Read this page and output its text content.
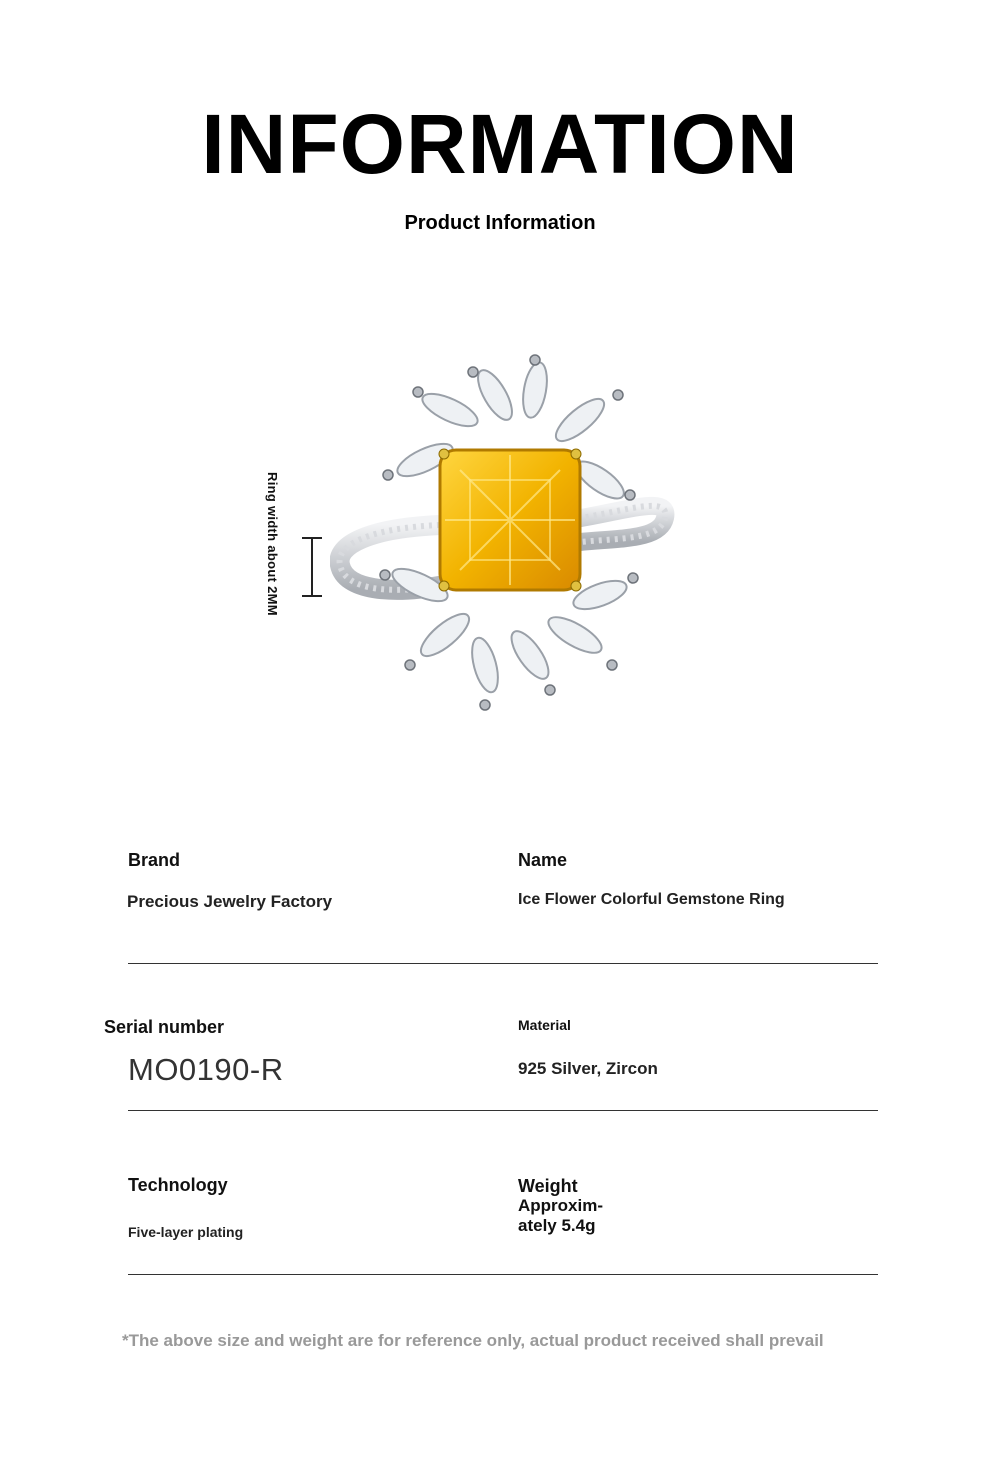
INFORMATION
Product Information
Ring width about 2MM
Brand
Precious Jewelry Factory
Name
Ice Flower Colorful Gemstone Ring
Serial number
MO0190-R
Material
925 Silver, Zircon
Technology
Five-layer plating
Weight
Approxim-
ately 5.4g
*The above size and weight are for reference only, actual product received shall prevail
